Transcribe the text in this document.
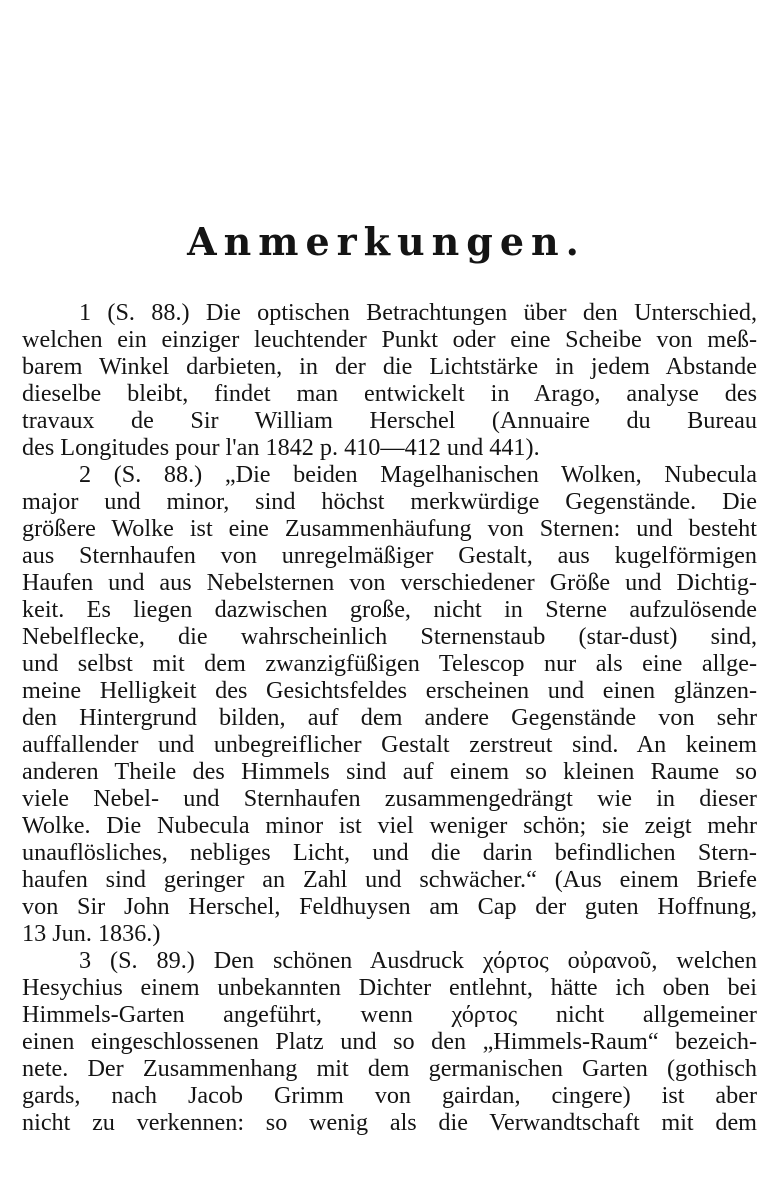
Anmerkungen.
1 (S. 88.) Die optischen Betrachtungen über den Unterschied,
welchen ein einziger leuchtender Punkt oder eine Scheibe von meß-
barem Winkel darbieten, in der die Lichtstärke in jedem Abstande
dieselbe bleibt, findet man entwickelt in Arago, analyse des
travaux de Sir William Herschel (Annuaire du Bureau
des Longitudes pour l'an 1842 p. 410—412 und 441).
2 (S. 88.) „Die beiden Magelhanischen Wolken, Nubecula
major und minor, sind höchst merkwürdige Gegenstände. Die
größere Wolke ist eine Zusammenhäufung von Sternen: und besteht
aus Sternhaufen von unregelmäßiger Gestalt, aus kugelförmigen
Haufen und aus Nebelsternen von verschiedener Größe und Dichtig-
keit. Es liegen dazwischen große, nicht in Sterne aufzulösende
Nebelflecke, die wahrscheinlich Sternenstaub (star-dust) sind,
und selbst mit dem zwanzigfüßigen Telescop nur als eine allge-
meine Helligkeit des Gesichtsfeldes erscheinen und einen glänzen-
den Hintergrund bilden, auf dem andere Gegenstände von sehr
auffallender und unbegreiflicher Gestalt zerstreut sind. An keinem
anderen Theile des Himmels sind auf einem so kleinen Raume so
viele Nebel- und Sternhaufen zusammengedrängt wie in dieser
Wolke. Die Nubecula minor ist viel weniger schön; sie zeigt mehr
unauflösliches, nebliges Licht, und die darin befindlichen Stern-
haufen sind geringer an Zahl und schwächer.“ (Aus einem Briefe
von Sir John Herschel, Feldhuysen am Cap der guten Hoffnung,
13 Jun. 1836.)
3 (S. 89.) Den schönen Ausdruck χόρτος οὐρανοῦ, welchen
Hesychius einem unbekannten Dichter entlehnt, hätte ich oben bei
Himmels-Garten angeführt, wenn χόρτος nicht allgemeiner
einen eingeschlossenen Platz und so den „Himmels-Raum“ bezeich-
nete. Der Zusammenhang mit dem germanischen Garten (gothisch
gards, nach Jacob Grimm von gairdan, cingere) ist aber
nicht zu verkennen: so wenig als die Verwandtschaft mit dem
